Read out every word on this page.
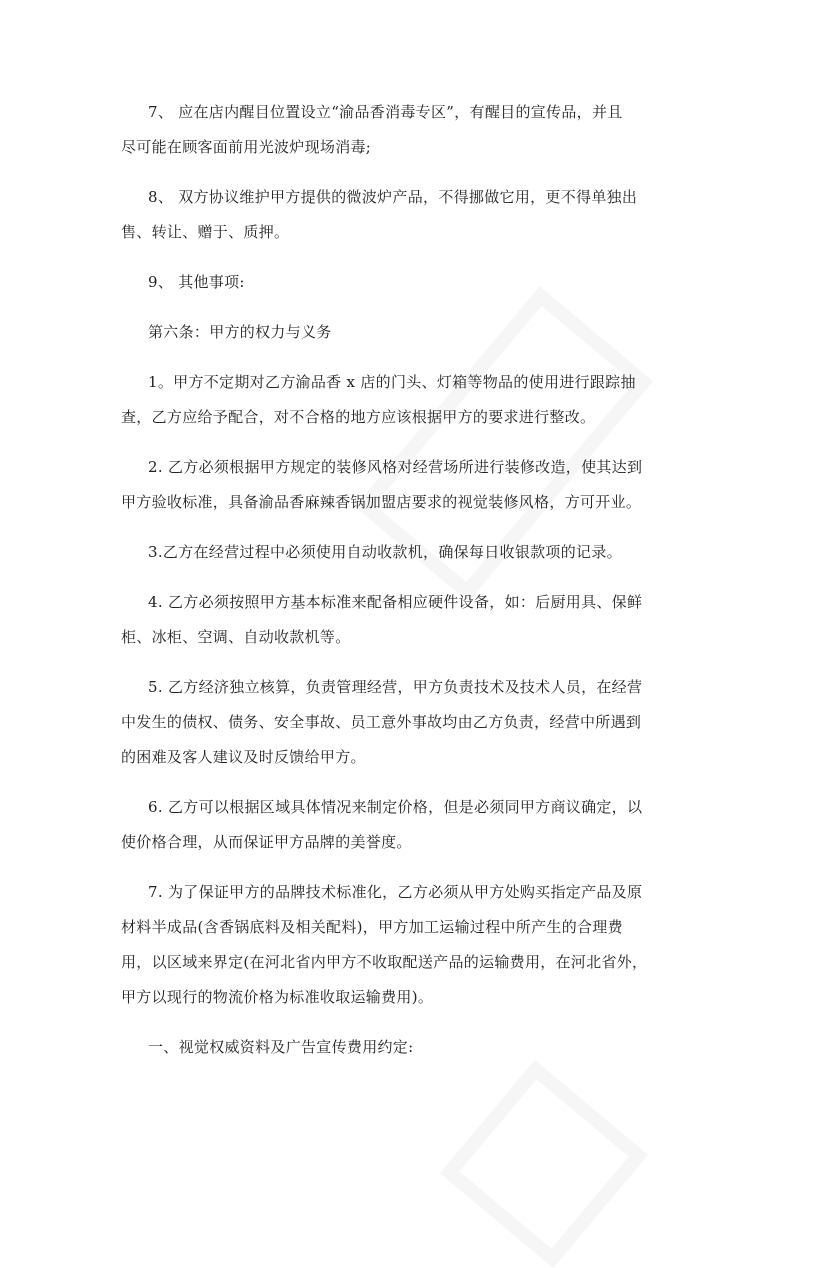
7、 应在店内醒目位置设立“渝品香消毒专区”，有醒目的宣传品，并且
尽可能在顾客面前用光波炉现场消毒;
8、 双方协议维护甲方提供的微波炉产品，不得挪做它用，更不得单独出
售、转让、赠于、质押。
9、 其他事项:
第六条：甲方的权力与义务
1。甲方不定期对乙方渝品香 x 店的门头、灯箱等物品的使用进行跟踪抽
查，乙方应给予配合，对不合格的地方应该根据甲方的要求进行整改。
2. 乙方必须根据甲方规定的装修风格对经营场所进行装修改造，使其达到
甲方验收标准，具备渝品香麻辣香锅加盟店要求的视觉装修风格，方可开业。
3.乙方在经营过程中必须使用自动收款机，确保每日收银款项的记录。
4. 乙方必须按照甲方基本标准来配备相应硬件设备，如：后厨用具、保鲜
柜、冰柜、空调、自动收款机等。
5. 乙方经济独立核算，负责管理经营，甲方负责技术及技术人员，在经营
中发生的债权、债务、安全事故、员工意外事故均由乙方负责，经营中所遇到
的困难及客人建议及时反馈给甲方。
6. 乙方可以根据区域具体情况来制定价格，但是必须同甲方商议确定，以
使价格合理，从而保证甲方品牌的美誉度。
7. 为了保证甲方的品牌技术标准化，乙方必须从甲方处购买指定产品及原
材料半成品(含香锅底料及相关配料)，甲方加工运输过程中所产生的合理费
用，以区域来界定(在河北省内甲方不收取配送产品的运输费用，在河北省外，
甲方以现行的物流价格为标准收取运输费用)。
一、视觉权威资料及广告宣传费用约定:
